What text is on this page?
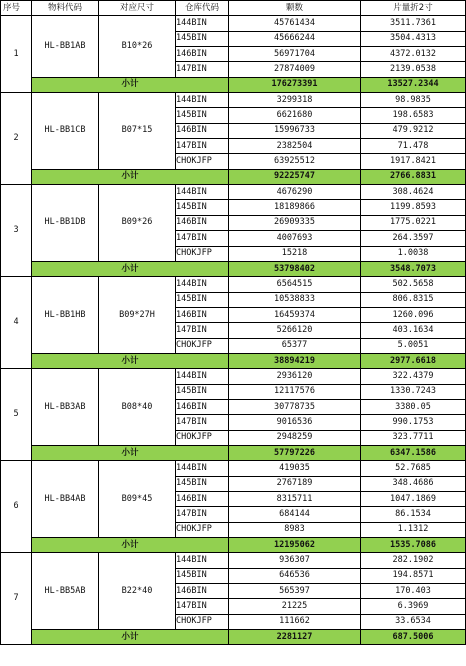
序号	物料代码	对应尺寸	仓库代码	颗数	片量折2寸
1	HL-BB1AB	B10*26	144BIN	45761434	3511.7361
			145BIN	45666244	3504.4313
			146BIN	56971704	4372.0132
			147BIN	27874009	2139.0538
	小计			176273391	13527.2344
2	HL-BB1CB	B07*15	144BIN	3299318	98.9835
			145BIN	6621680	198.6583
			146BIN	15996733	479.9212
			147BIN	2382504	71.478
			CHOKJFP	63925512	1917.8421
	小计			92225747	2766.8831
3	HL-BB1DB	B09*26	144BIN	4676290	308.4624
			145BIN	18189866	1199.8593
			146BIN	26909335	1775.0221
			147BIN	4007693	264.3597
			CHOKJFP	15218	1.0038
	小计			53798402	3548.7073
4	HL-BB1HB	B09*27H	144BIN	6564515	502.5658
			145BIN	10538833	806.8315
			146BIN	16459374	1260.096
			147BIN	5266120	403.1634
			CHOKJFP	65377	5.0051
	小计			38894219	2977.6618
5	HL-BB3AB	B08*40	144BIN	2936120	322.4379
			145BIN	12117576	1330.7243
			146BIN	30778735	3380.05
			147BIN	9016536	990.1753
			CHOKJFP	2948259	323.7711
	小计			57797226	6347.1586
6	HL-BB4AB	B09*45	144BIN	419035	52.7685
			145BIN	2767189	348.4686
			146BIN	8315711	1047.1869
			147BIN	684144	86.1534
			CHOKJFP	8983	1.1312
	小计			12195062	1535.7086
7	HL-BB5AB	B22*40	144BIN	936307	282.1902
			145BIN	646536	194.8571
			146BIN	565397	170.403
			147BIN	21225	6.3969
			CHOKJFP	111662	33.6534
	小计			2281127	687.5006
